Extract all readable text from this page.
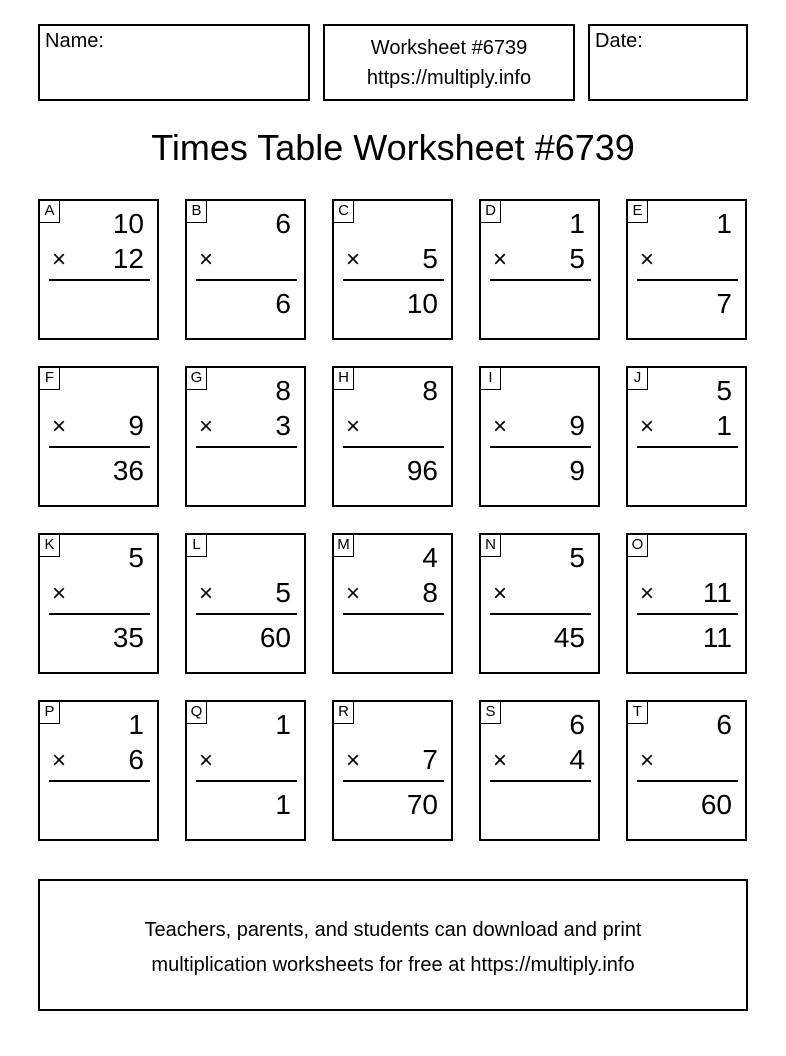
Name:	Worksheet #6739
https://multiply.info
Date:
Times Table Worksheet #6739
A 10
× 12
B	6
×
6
C
× 5
10
D	1
× 5
E	1
×
7
F
× 9
36
G	8
× 3
H	8
×
96
I
× 9
9
J	5
× 1
K	5
×
35
L
× 5
60
M	4
× 8
N	5
×
45
O
× 11
11
P	1
× 6
Q	1
×
1
R
× 7
70
S	6
× 4
T	6
×
60
Teachers, parents, and students can download and print
multiplication worksheets for free at https://multiply.info
